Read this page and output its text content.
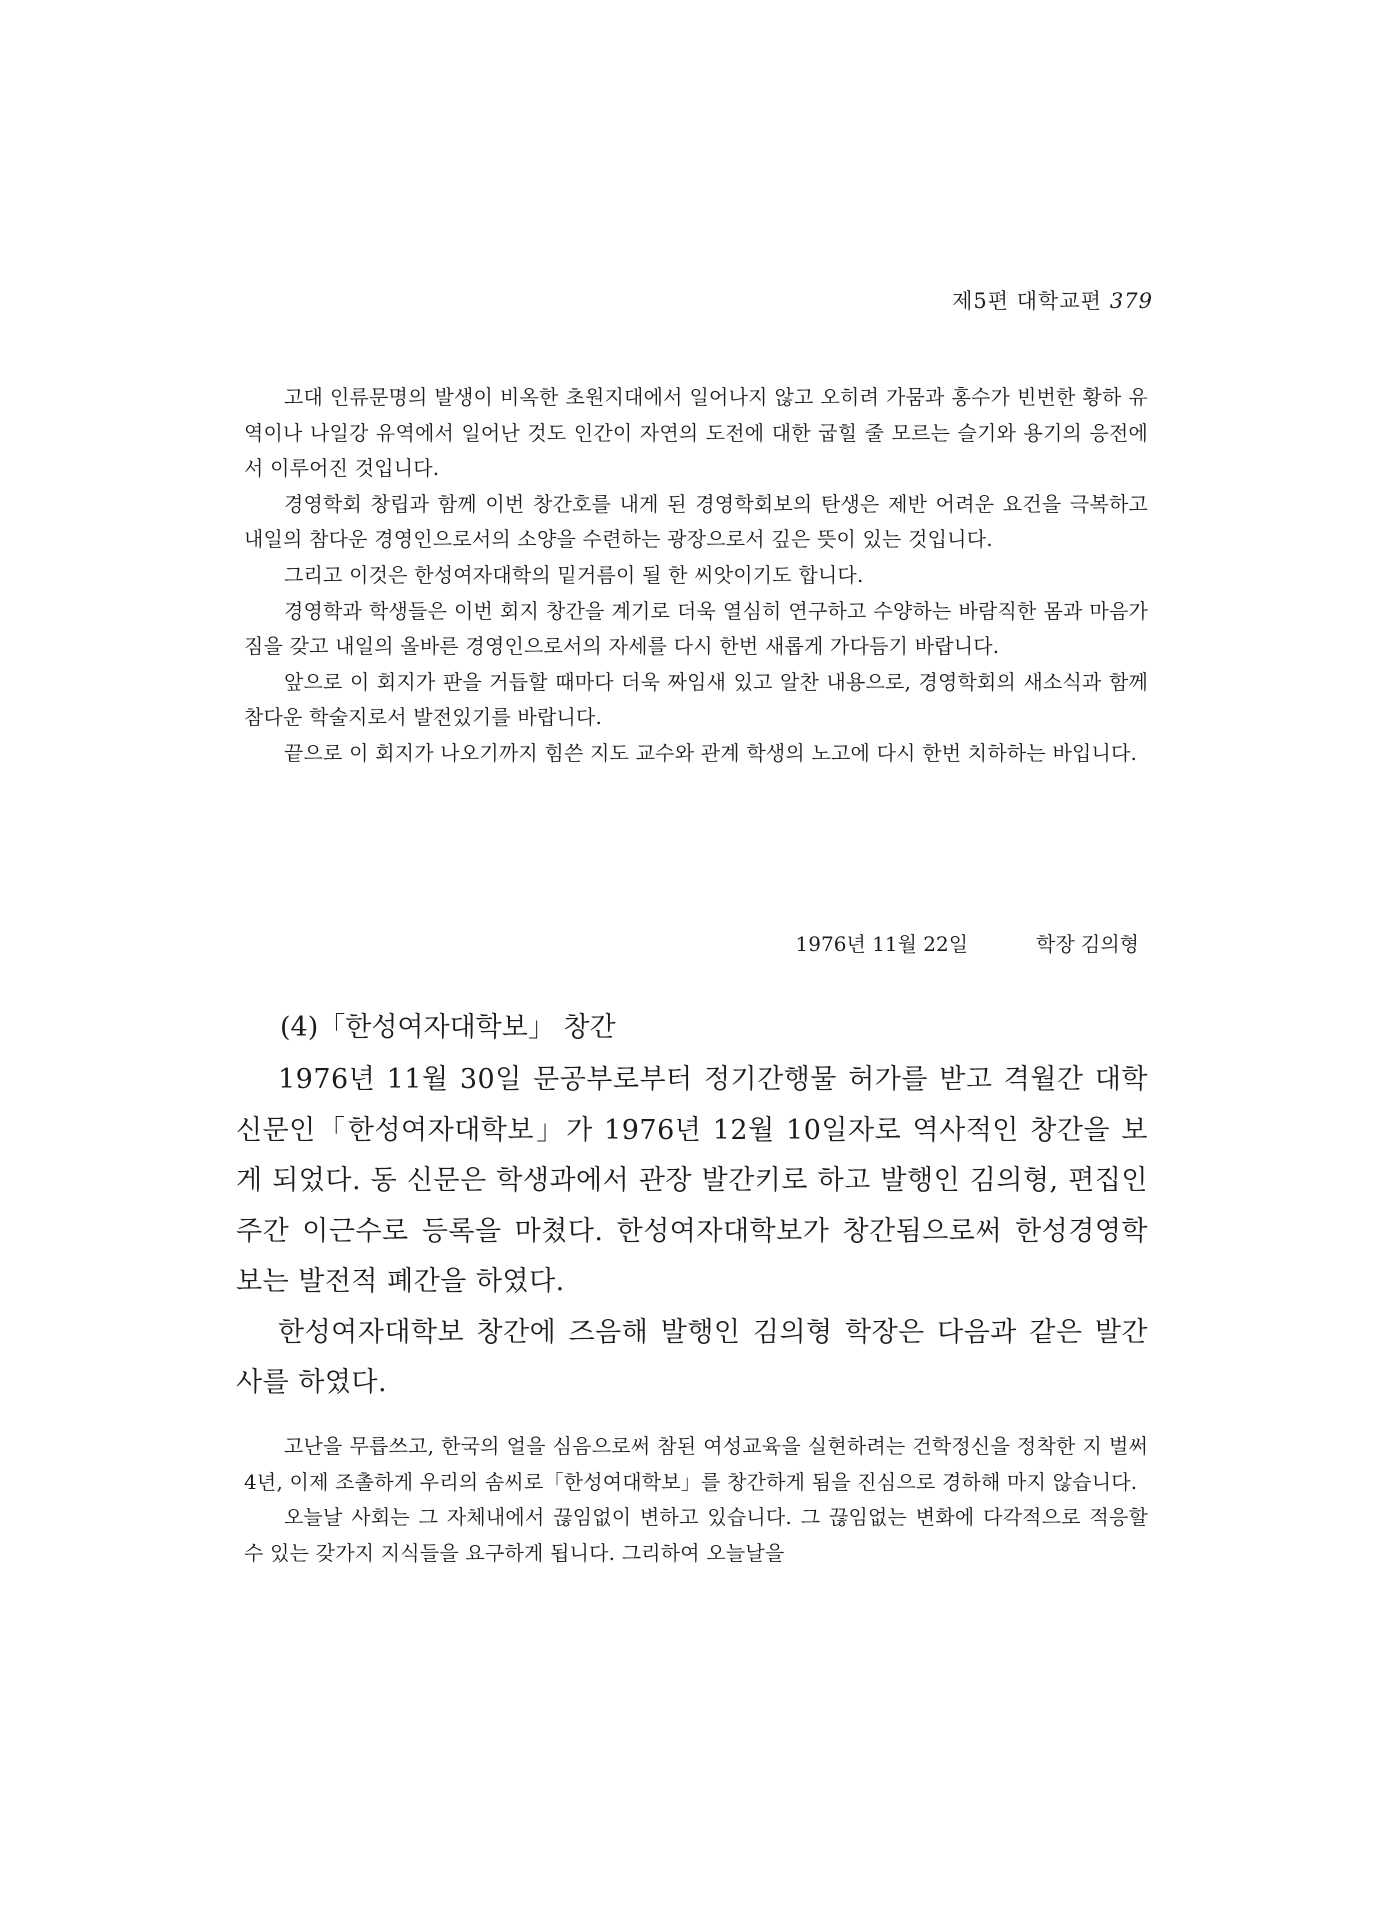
제5편 대학교편 379

고대 인류문명의 발생이 비옥한 초원지대에서 일어나지 않고 오히려 가뭄과 홍수가 빈번한 황하 유역이나 나일강 유역에서 일어난 것도 인간이 자연의 도전에 대한 굽힐 줄 모르는 슬기와 용기의 응전에서 이루어진 것입니다.

경영학회 창립과 함께 이번 창간호를 내게 된 경영학회보의 탄생은 제반 어려운 요건을 극복하고 내일의 참다운 경영인으로서의 소양을 수련하는 광장으로서 깊은 뜻이 있는 것입니다.

그리고 이것은 한성여자대학의 밑거름이 될 한 씨앗이기도 합니다.

경영학과 학생들은 이번 회지 창간을 계기로 더욱 열심히 연구하고 수양하는 바람직한 몸과 마음가짐을 갖고 내일의 올바른 경영인으로서의 자세를 다시 한번 새롭게 가다듬기 바랍니다.

앞으로 이 회지가 판을 거듭할 때마다 더욱 짜임새 있고 알찬 내용으로, 경영학회의 새소식과 함께 참다운 학술지로서 발전있기를 바랍니다.

끝으로 이 회지가 나오기까지 힘쓴 지도 교수와 관계 학생의 노고에 다시 한번 치하하는 바입니다.

1976년 11월 22일	학장 김의형
(4)「한성여자대학보」 창간

1976년 11월 30일 문공부로부터 정기간행물 허가를 받고 격월간 대학신문인「한성여자대학보」가 1976년 12월 10일자로 역사적인 창간을 보게 되었다. 동 신문은 학생과에서 관장 발간키로 하고 발행인 김의형, 편집인 주간 이근수로 등록을 마쳤다. 한성여자대학보가 창간됨으로써 한성경영학보는 발전적 폐간을 하였다.

한성여자대학보 창간에 즈음해 발행인 김의형 학장은 다음과 같은 발간사를 하였다.

고난을 무릅쓰고, 한국의 얼을 심음으로써 참된 여성교육을 실현하려는 건학정신을 정착한 지 벌써 4년, 이제 조촐하게 우리의 솜씨로「한성여대학보」를 창간하게 됨을 진심으로 경하해 마지 않습니다.

오늘날 사회는 그 자체내에서 끊임없이 변하고 있습니다. 그 끊임없는 변화에 다각적으로 적응할 수 있는 갖가지 지식들을 요구하게 됩니다. 그리하여 오늘날을
